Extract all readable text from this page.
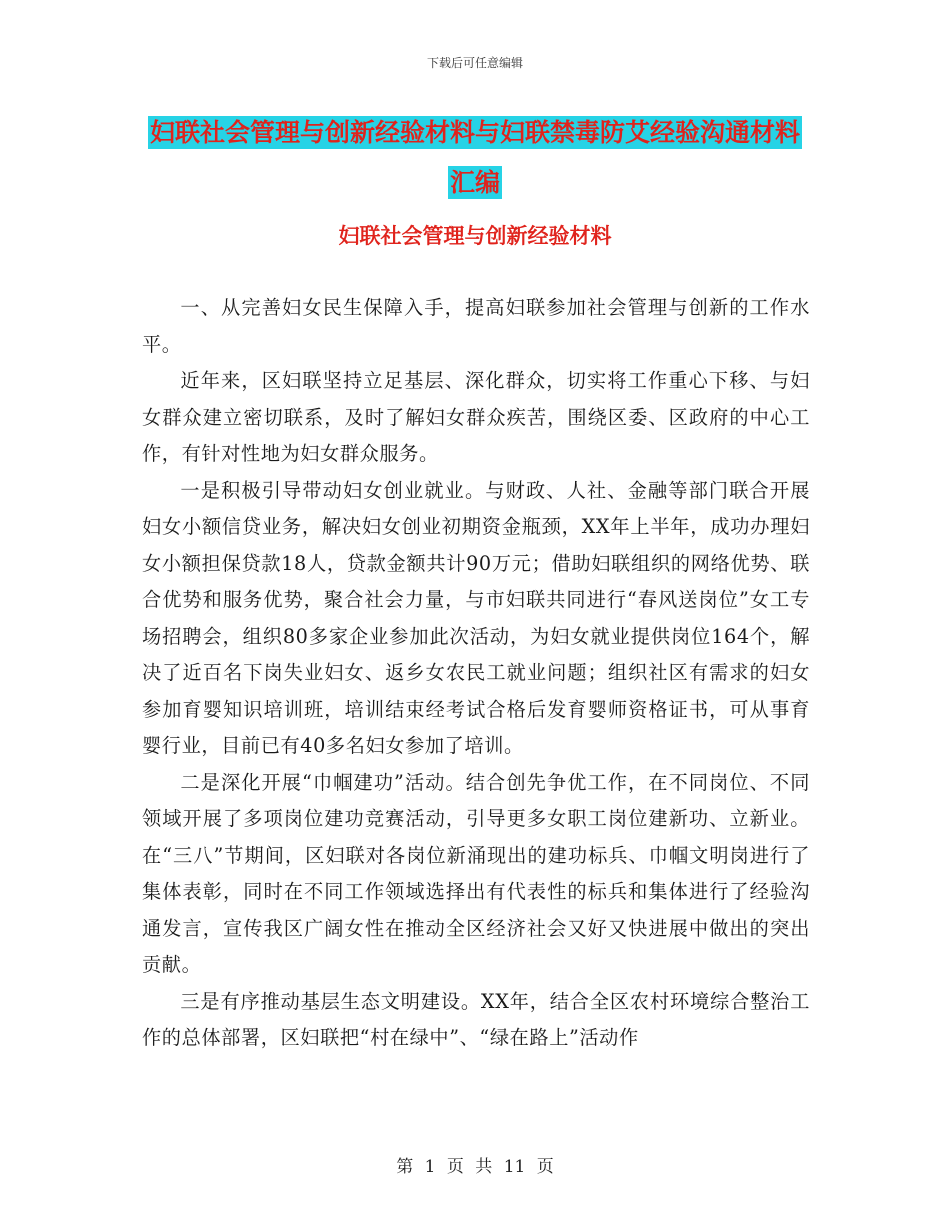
下载后可任意编辑
妇联社会管理与创新经验材料与妇联禁毒防艾经验沟通材料汇编
妇联社会管理与创新经验材料

一、从完善妇女民生保障入手，提高妇联参加社会管理与创新的工作水平。

近年来，区妇联坚持立足基层、深化群众，切实将工作重心下移、与妇女群众建立密切联系，及时了解妇女群众疾苦，围绕区委、区政府的中心工作，有针对性地为妇女群众服务。

一是积极引导带动妇女创业就业。与财政、人社、金融等部门联合开展妇女小额信贷业务，解决妇女创业初期资金瓶颈，XX年上半年，成功办理妇女小额担保贷款18人，贷款金额共计90万元；借助妇联组织的网络优势、联合优势和服务优势，聚合社会力量，与市妇联共同进行“春风送岗位”女工专场招聘会，组织80多家企业参加此次活动，为妇女就业提供岗位164个，解决了近百名下岗失业妇女、返乡女农民工就业问题；组织社区有需求的妇女参加育婴知识培训班，培训结束经考试合格后发育婴师资格证书，可从事育婴行业，目前已有40多名妇女参加了培训。

二是深化开展“巾帼建功”活动。结合创先争优工作，在不同岗位、不同领域开展了多项岗位建功竞赛活动，引导更多女职工岗位建新功、立新业。在“三八”节期间，区妇联对各岗位新涌现出的建功标兵、巾帼文明岗进行了集体表彰，同时在不同工作领域选择出有代表性的标兵和集体进行了经验沟通发言，宣传我区广阔女性在推动全区经济社会又好又快进展中做出的突出贡献。

三是有序推动基层生态文明建设。XX年，结合全区农村环境综合整治工作的总体部署，区妇联把“村在绿中”、“绿在路上”活动作

第 1 页 共 11 页
